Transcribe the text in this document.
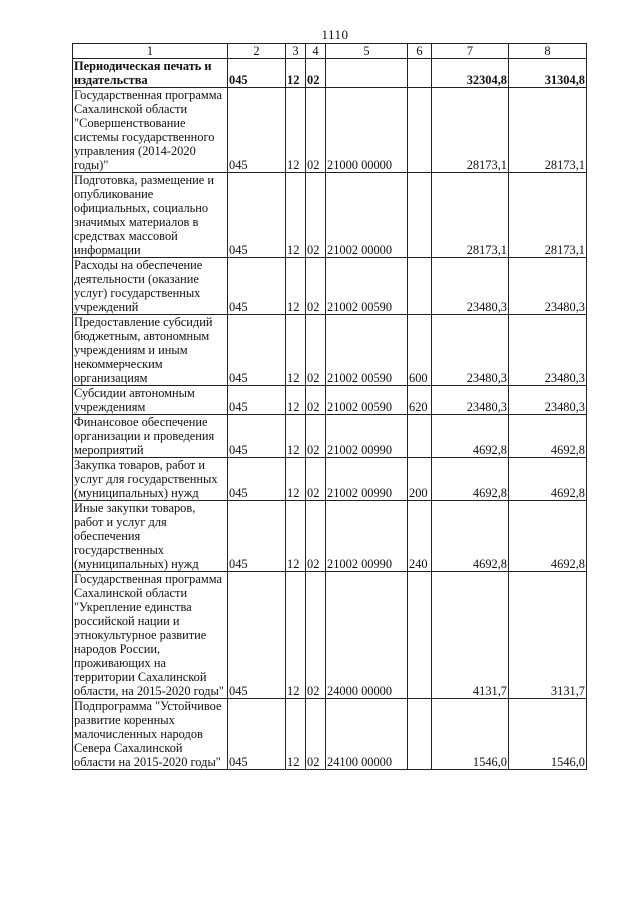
1110
1	2	3	4	5	6	7	8
Периодическая печать и издательства	045	12	02			32304,8	31304,8
Государственная программа Сахалинской области "Совершенствование системы государственного управления (2014-2020 годы)"	045	12	02	21000 00000		28173,1	28173,1
Подготовка, размещение и опубликование официальных, социально значимых материалов в средствах массовой информации	045	12	02	21002 00000		28173,1	28173,1
Расходы на обеспечение деятельности (оказание услуг) государственных учреждений	045	12	02	21002 00590		23480,3	23480,3
Предоставление субсидий бюджетным, автономным учреждениям и иным некоммерческим организациям	045	12	02	21002 00590	600	23480,3	23480,3
Субсидии автономным учреждениям	045	12	02	21002 00590	620	23480,3	23480,3
Финансовое обеспечение организации и проведения мероприятий	045	12	02	21002 00990		4692,8	4692,8
Закупка товаров, работ и услуг для государственных (муниципальных) нужд	045	12	02	21002 00990	200	4692,8	4692,8
Иные закупки товаров, работ и услуг для обеспечения государственных (муниципальных) нужд	045	12	02	21002 00990	240	4692,8	4692,8
Государственная программа Сахалинской области "Укрепление единства российской нации и этнокультурное развитие народов России, проживающих на территории Сахалинской области, на 2015-2020 годы"	045	12	02	24000 00000		4131,7	3131,7
Подпрограмма "Устойчивое развитие коренных малочисленных народов Севера Сахалинской области на 2015-2020 годы"	045	12	02	24100 00000		1546,0	1546,0
